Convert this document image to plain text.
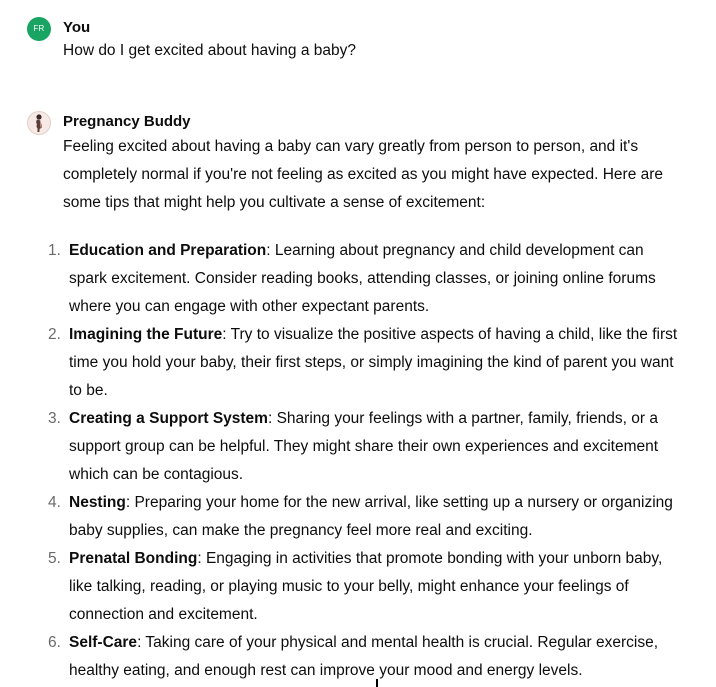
FR	You
How do I get excited about having a baby?
Pregnancy Buddy
Feeling excited about having a baby can vary greatly from person to person, and it's completely normal if you're not feeling as excited as you might have expected. Here are some tips that might help you cultivate a sense of excitement:
1. Education and Preparation: Learning about pregnancy and child development can spark excitement. Consider reading books, attending classes, or joining online forums where you can engage with other expectant parents.
2. Imagining the Future: Try to visualize the positive aspects of having a child, like the first time you hold your baby, their first steps, or simply imagining the kind of parent you want to be.
3. Creating a Support System: Sharing your feelings with a partner, family, friends, or a support group can be helpful. They might share their own experiences and excitement which can be contagious.
4. Nesting: Preparing your home for the new arrival, like setting up a nursery or organizing baby supplies, can make the pregnancy feel more real and exciting.
5. Prenatal Bonding: Engaging in activities that promote bonding with your unborn baby, like talking, reading, or playing music to your belly, might enhance your feelings of connection and excitement.
6. Self-Care: Taking care of your physical and mental health is crucial. Regular exercise, healthy eating, and enough rest can improve your mood and energy levels.
